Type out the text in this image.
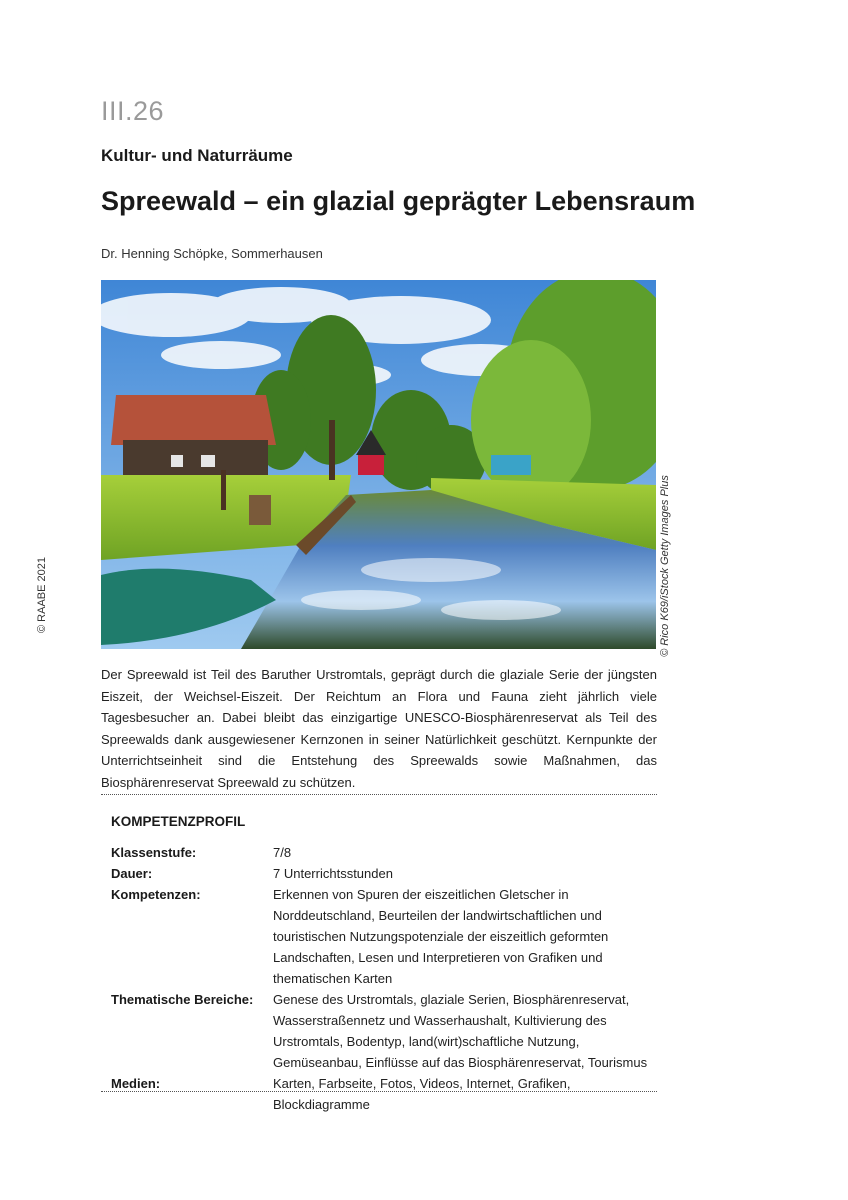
© RAABE 2021
III.26
Kultur- und Naturräume
Spreewald – ein glazial geprägter Lebensraum
Dr. Henning Schöpke, Sommerhausen
© Rico K69/iStock Getty Images Plus

Der Spreewald ist Teil des Baruther Urstromtals, geprägt durch die glaziale Serie der jüngsten Eiszeit, der Weichsel-Eiszeit. Der Reichtum an Flora und Fauna zieht jährlich viele Tagesbesucher an. Dabei bleibt das einzigartige UNESCO-Biosphärenreservat als Teil des Spreewalds dank ausgewiesener Kernzonen in seiner Natürlichkeit geschützt. Kernpunkte der Unterrichtseinheit sind die Entstehung des Spreewalds sowie Maßnahmen, das Biosphärenreservat Spreewald zu schützen.

KOMPETENZPROFIL
Klassenstufe:	7/8
Dauer:	7 Unterrichtsstunden
Kompetenzen:	Erkennen von Spuren der eiszeitlichen Gletscher in Norddeutschland, Beurteilen der landwirtschaftlichen und touristischen Nutzungspotenziale der eiszeitlich geformten Landschaften, Lesen und Interpretieren von Grafiken und thematischen Karten
Thematische Bereiche:	Genese des Urstromtals, glaziale Serien, Biosphärenreservat, Wasserstraßennetz und Wasserhaushalt, Kultivierung des Urstromtals, Bodentyp, land(wirt)schaftliche Nutzung, Gemüseanbau, Einflüsse auf das Biosphärenreservat, Tourismus
Medien:	Karten, Farbseite, Fotos, Videos, Internet, Grafiken, Blockdiagramme
